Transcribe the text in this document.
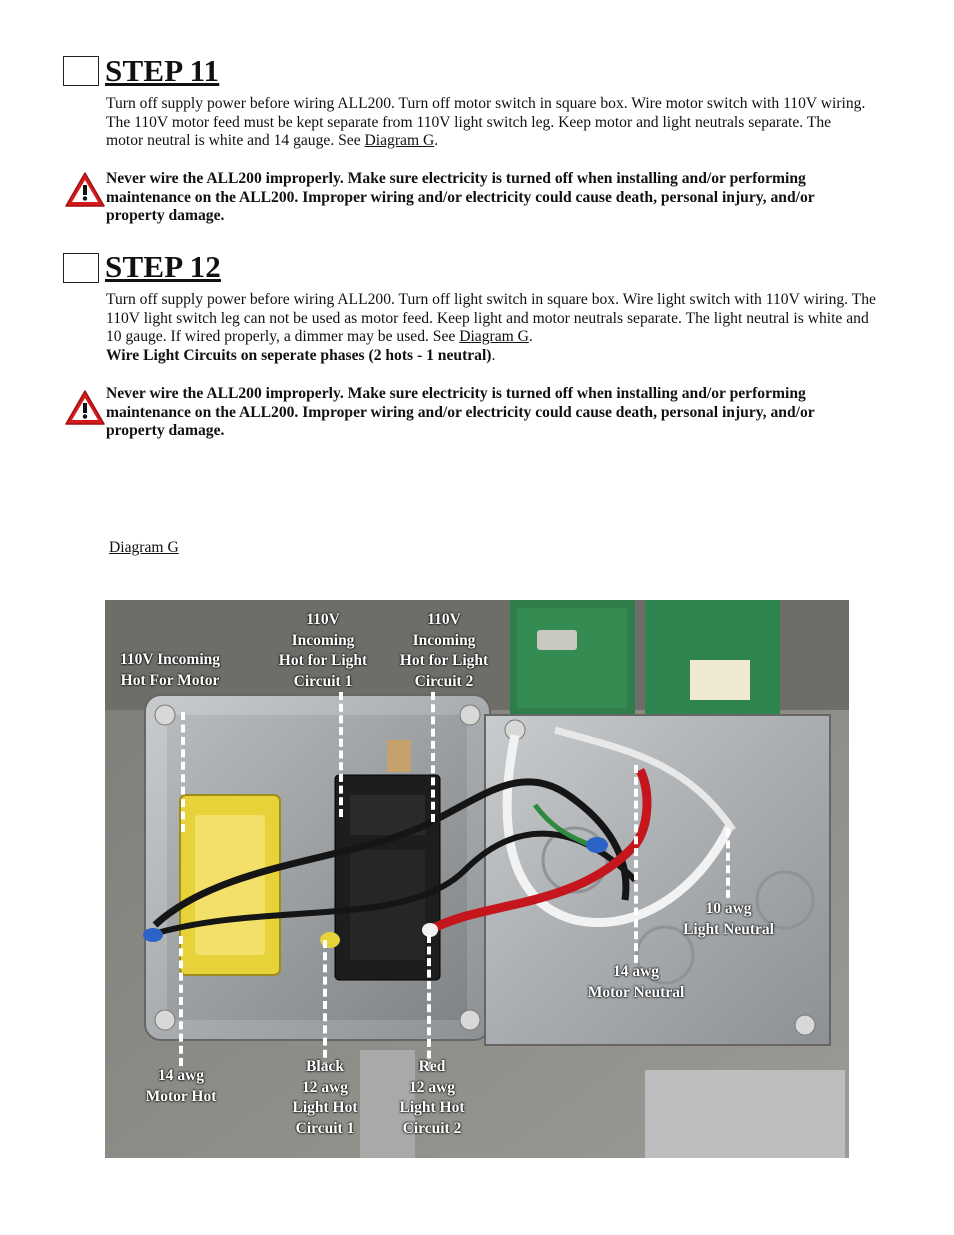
STEP 11

Turn off supply power before wiring ALL200. Turn off motor switch in square box. Wire motor switch with 110V wiring. The 110V motor feed must be kept separate from 110V light switch leg. Keep motor and light neutrals separate. The motor neutral is white and 14 gauge. See Diagram G.

Never wire the ALL200 improperly. Make sure electricity is turned off when installing and/or performing maintenance on the ALL200. Improper wiring and/or electricity could cause death, personal injury, and/or property damage.

STEP 12

Turn off supply power before wiring ALL200. Turn off light switch in square box. Wire light switch with 110V wiring. The 110V light switch leg can not be used as motor feed. Keep light and motor neutrals separate. The light neutral is white and 10 gauge. If wired properly, a dimmer may be used. See Diagram G.
Wire Light Circuits on seperate phases (2 hots - 1 neutral).

Never wire the ALL200 improperly. Make sure electricity is turned off when installing and/or performing maintenance on the ALL200. Improper wiring and/or electricity could cause death, personal injury, and/or property damage.

Diagram G
110V Incoming
Hot For Motor
110V
Incoming
Hot for Light
Circuit 1
110V
Incoming
Hot for Light
Circuit 2
10 awg
Light Neutral
14 awg
Motor Neutral
14 awg
Motor Hot
Black
12 awg
Light Hot
Circuit 1
Red
12 awg
Light Hot
Circuit 2
